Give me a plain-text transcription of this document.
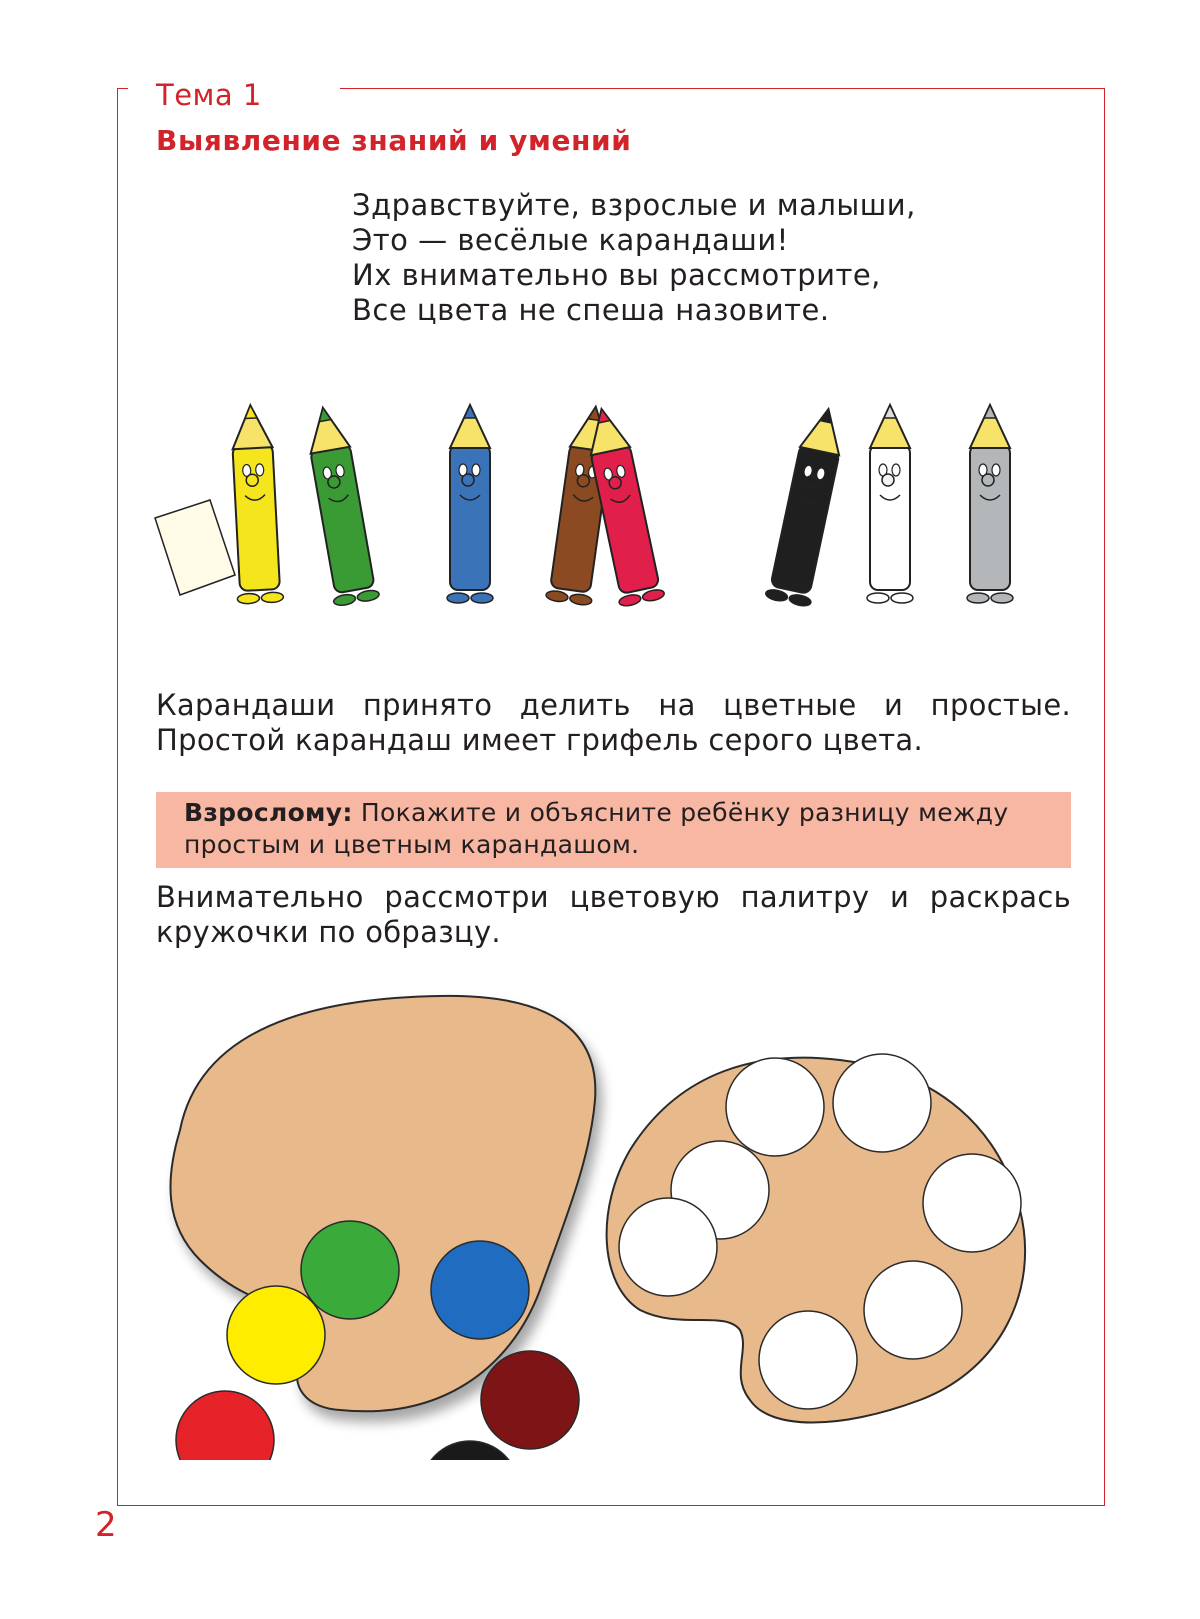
Тема 1
Выявление знаний и умений
Здравствуйте, взрослые и малыши,
Это — весёлые карандаши!
Их внимательно вы рассмотрите,
Все цвета не спеша назовите.
Карандаши принято делить на цветные и простые. Простой карандаш имеет грифель серого цвета.
Взрослому: Покажите и объясните ребёнку разницу между простым и цветным карандашом.
Внимательно рассмотри цветовую палитру и раскрась кружочки по образцу.
2
